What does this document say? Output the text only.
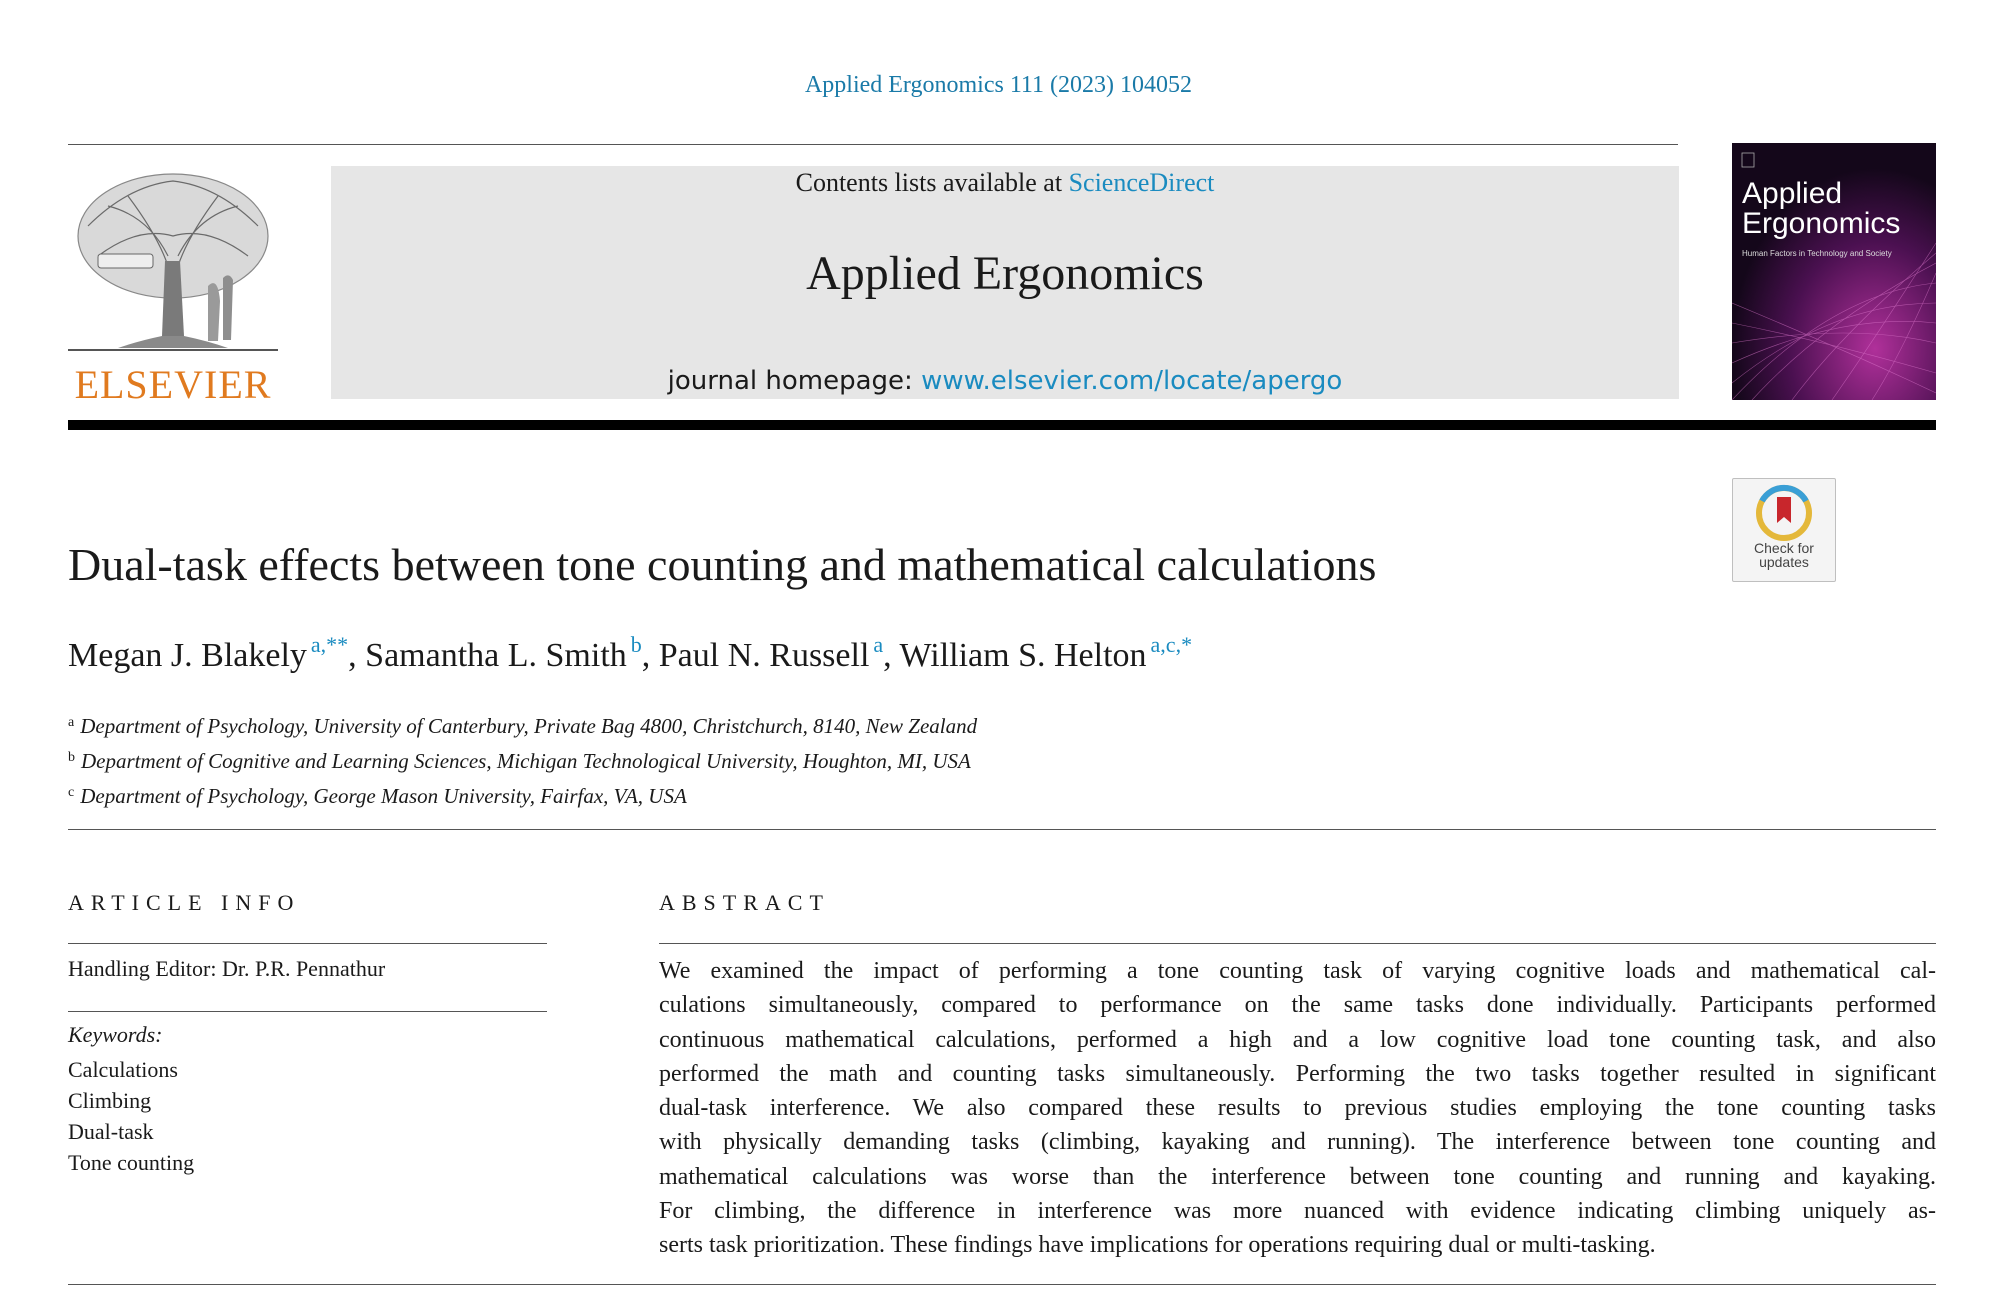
Applied Ergonomics 111 (2023) 104052
ELSEVIER
Contents lists available at ScienceDirect
Applied Ergonomics
journal homepage: www.elsevier.com/locate/apergo
Applied
Ergonomics
Human Factors in Technology and Society
Check for
updates
Dual-task effects between tone counting and mathematical calculations
Megan J. Blakely $^{a,**}$, Samantha L. Smith $^b$, Paul N. Russell $^a$, William S. Helton $^{a,c,*}$
$^a$ Department of Psychology, University of Canterbury, Private Bag 4800, Christchurch, 8140, New Zealand
$^b$ Department of Cognitive and Learning Sciences, Michigan Technological University, Houghton, MI, USA
$^c$ Department of Psychology, George Mason University, Fairfax, VA, USA
ARTICLE INFO
Handling Editor: Dr. P.R. Pennathur
Keywords:
Calculations
Climbing
Dual-task
Tone counting
ABSTRACT
We examined the impact of performing a tone counting task of varying cognitive loads and mathematical cal-
culations simultaneously, compared to performance on the same tasks done individually. Participants performed
continuous mathematical calculations, performed a high and a low cognitive load tone counting task, and also
performed the math and counting tasks simultaneously. Performing the two tasks together resulted in significant
dual-task interference. We also compared these results to previous studies employing the tone counting tasks
with physically demanding tasks (climbing, kayaking and running). The interference between tone counting and
mathematical calculations was worse than the interference between tone counting and running and kayaking.
For climbing, the difference in interference was more nuanced with evidence indicating climbing uniquely as-
serts task prioritization. These findings have implications for operations requiring dual or multi-tasking.
